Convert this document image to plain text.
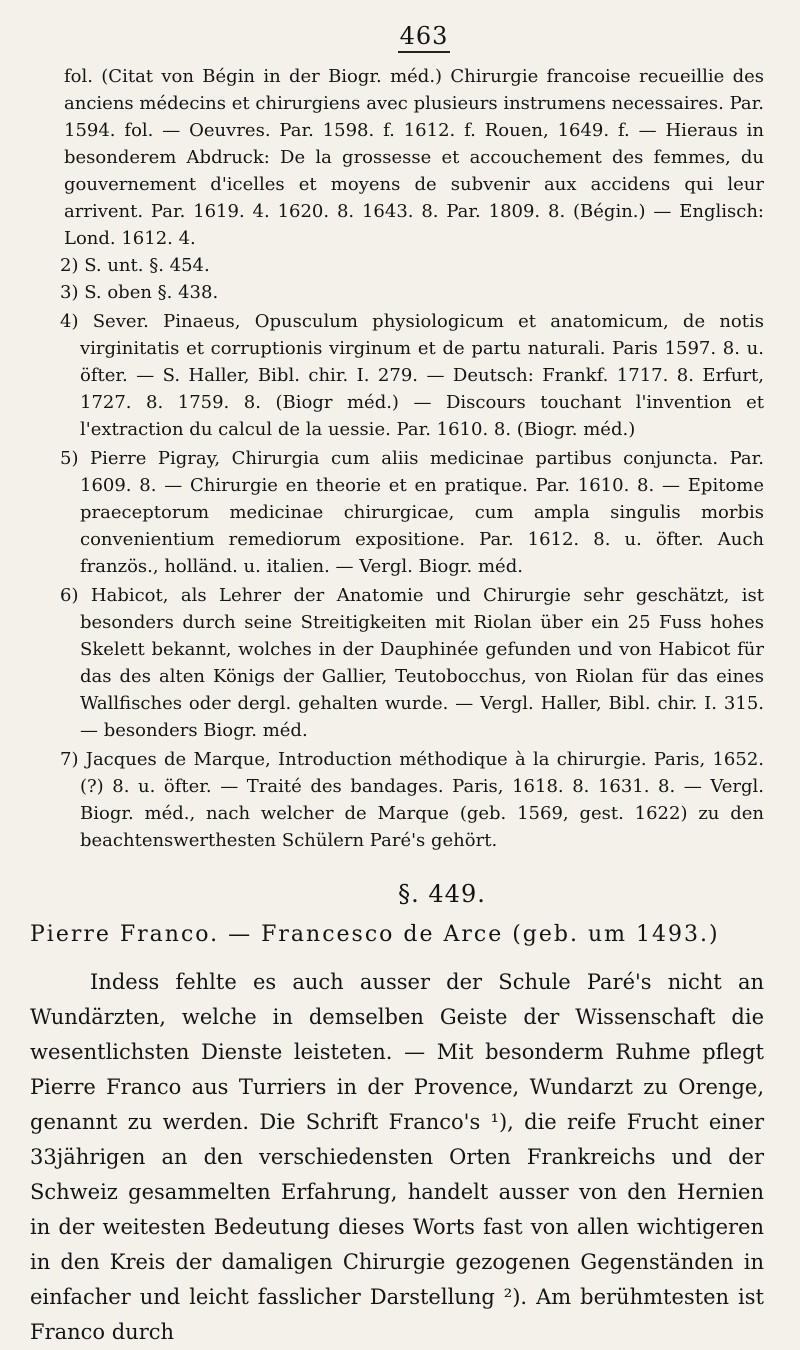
463

fol. (Citat von Bégin in der Biogr. méd.) Chirurgie francoise recueillie des anciens médecins et chirurgiens avec plusieurs instrumens necessaires. Par. 1594. fol. — Oeuvres. Par. 1598. f. 1612. f. Rouen, 1649. f. — Hieraus in besonderem Abdruck: De la grossesse et accouchement des femmes, du gouvernement d'icelles et moyens de subvenir aux accidens qui leur arrivent. Par. 1619. 4. 1620. 8. 1643. 8. Par. 1809. 8. (Bégin.) — Englisch: Lond. 1612. 4.

2) S. unt. §. 454.

3) S. oben §. 438.

4) Sever. Pinaeus, Opusculum physiologicum et anatomicum, de notis virginitatis et corruptionis virginum et de partu naturali. Paris 1597. 8. u. öfter. — S. Haller, Bibl. chir. I. 279. — Deutsch: Frankf. 1717. 8. Erfurt, 1727. 8. 1759. 8. (Biogr méd.) — Discours touchant l'invention et l'extraction du calcul de la uessie. Par. 1610. 8. (Biogr. méd.)

5) Pierre Pigray, Chirurgia cum aliis medicinae partibus conjuncta. Par. 1609. 8. — Chirurgie en theorie et en pratique. Par. 1610. 8. — Epitome praeceptorum medicinae chirurgicae, cum ampla singulis morbis convenientium remediorum expositione. Par. 1612. 8. u. öfter. Auch französ., holländ. u. italien. — Vergl. Biogr. méd.

6) Habicot, als Lehrer der Anatomie und Chirurgie sehr geschätzt, ist besonders durch seine Streitigkeiten mit Riolan über ein 25 Fuss hohes Skelett bekannt, wolches in der Dauphinée gefunden und von Habicot für das des alten Königs der Gallier, Teutobocchus, von Riolan für das eines Wallfisches oder dergl. gehalten wurde. — Vergl. Haller, Bibl. chir. I. 315. — besonders Biogr. méd.

7) Jacques de Marque, Introduction méthodique à la chirurgie. Paris, 1652. (?) 8. u. öfter. — Traité des bandages. Paris, 1618. 8. 1631. 8. — Vergl. Biogr. méd., nach welcher de Marque (geb. 1569, gest. 1622) zu den beachtenswerthesten Schülern Paré's gehört.

§. 449.
Pierre Franco. — Francesco de Arce (geb. um 1493.)

Indess fehlte es auch ausser der Schule Paré's nicht an Wundärzten, welche in demselben Geiste der Wissenschaft die wesentlichsten Dienste leisteten. — Mit besonderm Ruhme pflegt Pierre Franco aus Turriers in der Provence, Wundarzt zu Orenge, genannt zu werden. Die Schrift Franco's ¹), die reife Frucht einer 33jährigen an den verschiedensten Orten Frankreichs und der Schweiz gesammelten Erfahrung, handelt ausser von den Hernien in der weitesten Bedeutung dieses Worts fast von allen wichtigeren in den Kreis der damaligen Chirurgie gezogenen Gegenständen in einfacher und leicht fasslicher Darstellung ²). Am berühmtesten ist Franco durch
